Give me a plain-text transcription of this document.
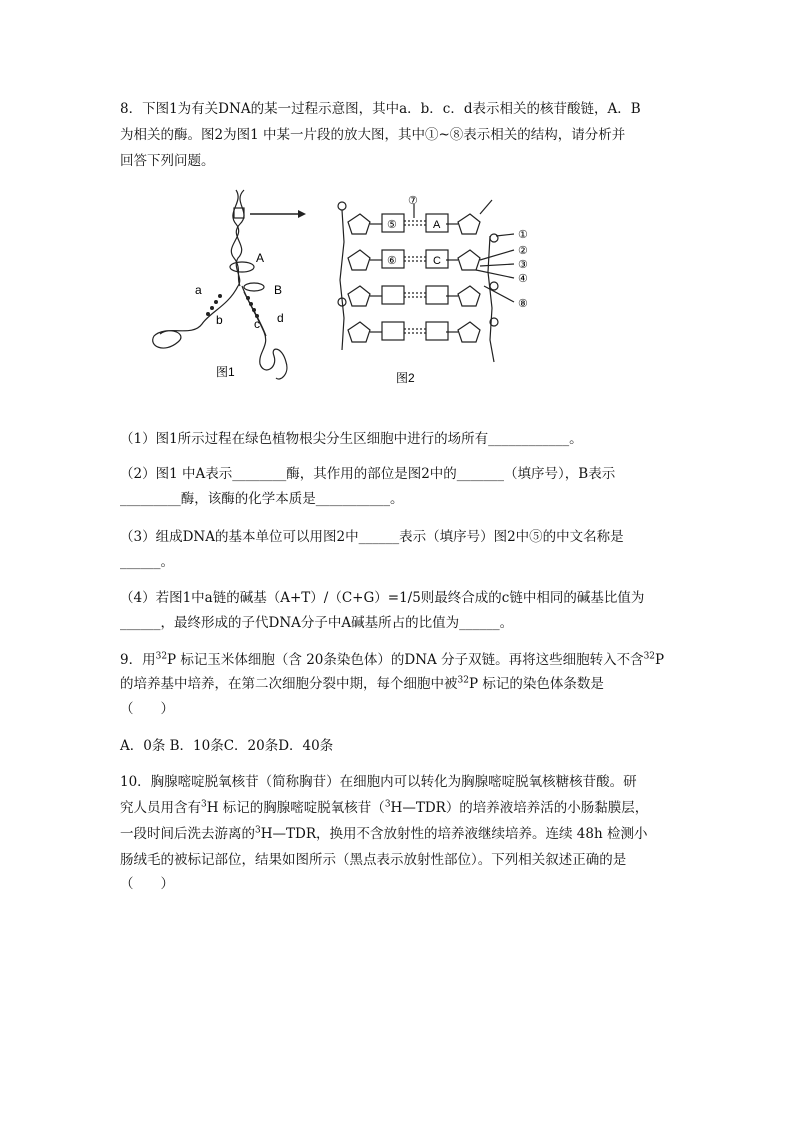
8．下图1为有关DNA的某一过程示意图，其中a．b．c．d表示相关的核苷酸链，A．B
为相关的酶。图2为图1 中某一片段的放大图，其中①~⑧表示相关的结构，请分析并
回答下列问题。
A
B
a
b	c d
图1
⑤
⑥
⑦
A
C
①
②
③
④
⑧
图2
（1）图1所示过程在绿色植物根尖分生区细胞中进行的场所有____________。
（2）图1 中A表示________酶，其作用的部位是图2中的_______（填序号），B表示
_________酶，该酶的化学本质是___________。
（3）组成DNA的基本单位可以用图2中______表示（填序号）图2中⑤的中文名称是
______。
（4）若图1中a链的碱基（A+T）/（C+G）=1/5则最终合成的c链中相同的碱基比值为
______，最终形成的子代DNA分子中A碱基所占的比值为______。
9．用$^{32}$P 标记玉米体细胞（含 20条染色体）的DNA 分子双链。再将这些细胞转入不含$^{32}$P
的培养基中培养，在第二次细胞分裂中期，每个细胞中被$^{32}$P 标记的染色体条数是
（　　）
A．0条 B．10条C．20条D．40条
10．胸腺嘧啶脱氧核苷（简称胸苷）在细胞内可以转化为胸腺嘧啶脱氧核糖核苷酸。研
究人员用含有$^3$H 标记的胸腺嘧啶脱氧核苷（$^3$H—TDR）的培养液培养活的小肠黏膜层，
一段时间后洗去游离的$^3$H—TDR，换用不含放射性的培养液继续培养。连续 48h 检测小
肠绒毛的被标记部位，结果如图所示（黑点表示放射性部位）。下列相关叙述正确的是
（　　）
